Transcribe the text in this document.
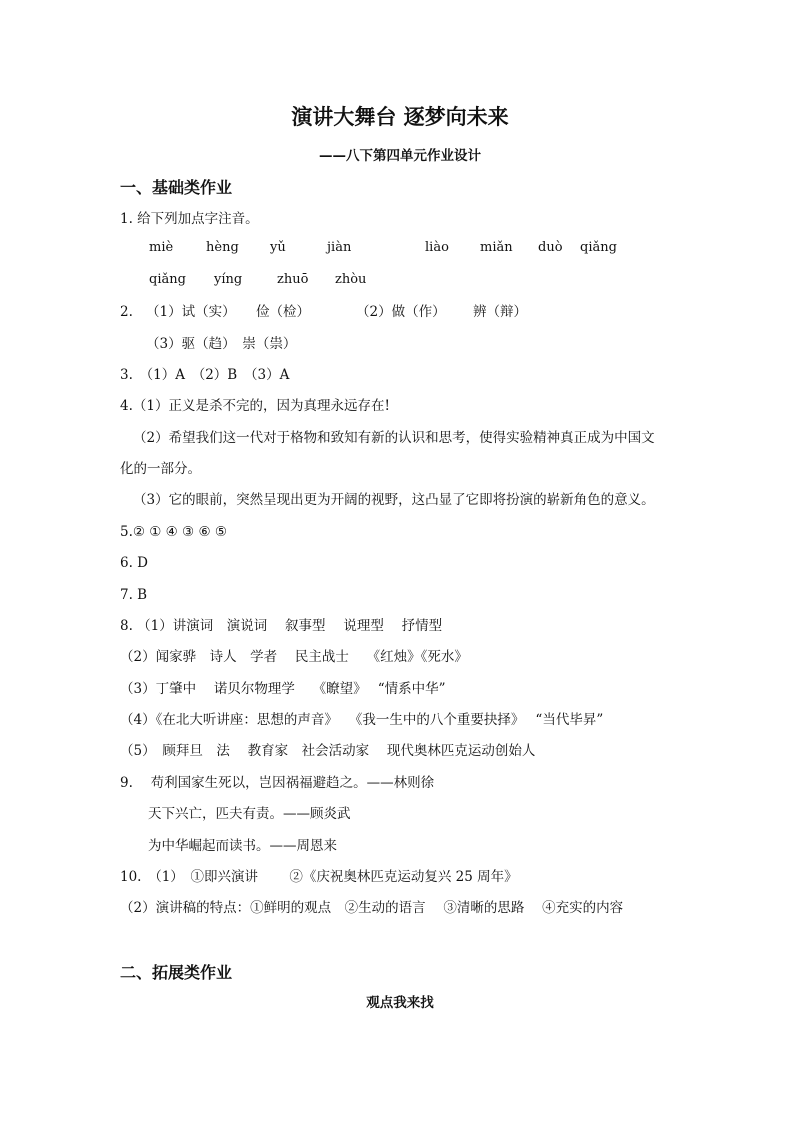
演讲大舞台 逐梦向未来
——八下第四单元作业设计
一、基础类作业
1. 给下列加点字注音。
miè	hèng yǔ	jiàn	liào miǎn duò qiǎng
qiǎng yíng	zhuō zhòu
2. （1）试（实） 俭（检）	（2）做（作） 辨（辩）
（3）驱（趋）　崇（祟）
3.　（1）A　（2）B　（3）A
4.（1）正义是杀不完的，因为真理永远存在!
（2）希望我们这一代对于格物和致知有新的认识和思考，使得实验精神真正成为中国文
化的一部分。
（3）它的眼前，突然呈现出更为开阔的视野，这凸显了它即将扮演的崭新角色的意义。
5.② ① ④ ③ ⑥ ⑤
6. D
7. B
8. （1）讲演词　演说词　 叙事型　 说理型　 抒情型
（2）闻家骅　诗人　学者　 民主战士　 《红烛》《死水》
（3）丁肇中　 诺贝尔物理学　 《瞭望》　 “情系中华”
（4）《在北大听讲座：思想的声音》　 《我一生中的八个重要抉择》　 “当代毕昇”
（5）　顾拜旦　法　 教育家　社会活动家　 现代奥林匹克运动创始人
9.　 苟利国家生死以，岂因祸福避趋之。——林则徐
天下兴亡，匹夫有责。——顾炎武
为中华崛起而读书。——周恩来
10.　（1）　①即兴演讲　　 ②《庆祝奥林匹克运动复兴 25 周年》
（2）演讲稿的特点：①鲜明的观点　②生动的语言　 ③清晰的思路　 ④充实的内容
二、拓展类作业
观点我来找
